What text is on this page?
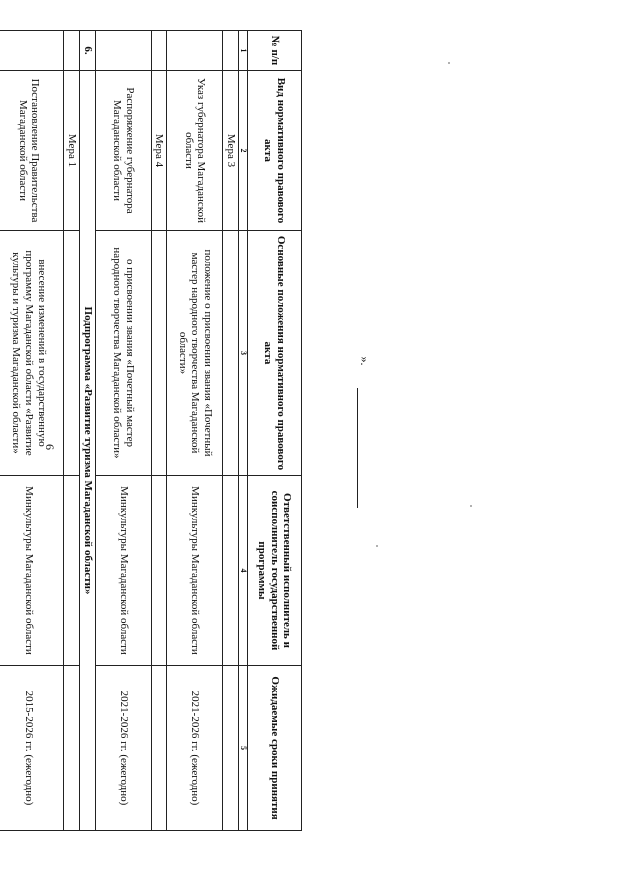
6
№ п/п	Вид нормативного правового акта	Основные положения нормативного правового акта	Ответственный исполнитель и соисполнитель государственной программы	Ожидаемые сроки принятия
1	2	3	4	5
	Мера 3			
	Указ губернатора Магаданской области	положение о присвоении звания «Почетный мастер народного творчества Магаданской области»	Минкультуры Магаданской области	2021-2026 гг. (ежегодно)
	Мера 4			
	Распоряжение губернатора Магаданской области	о присвоении звания «Почетный мастер народного творчества Магаданской области»	Минкультуры Магаданской области	2021-2026 гг. (ежегодно)
6.	Подпрограмма «Развитие туризма Магаданской области»			
	Мера 1			
	Постановление Правительства Магаданской области	внесение изменений в государственную программу Магаданской области «Развитие культуры и туризма Магаданской области»	Минкультуры Магаданской области	2015-2026 гг. (ежегодно)
».
